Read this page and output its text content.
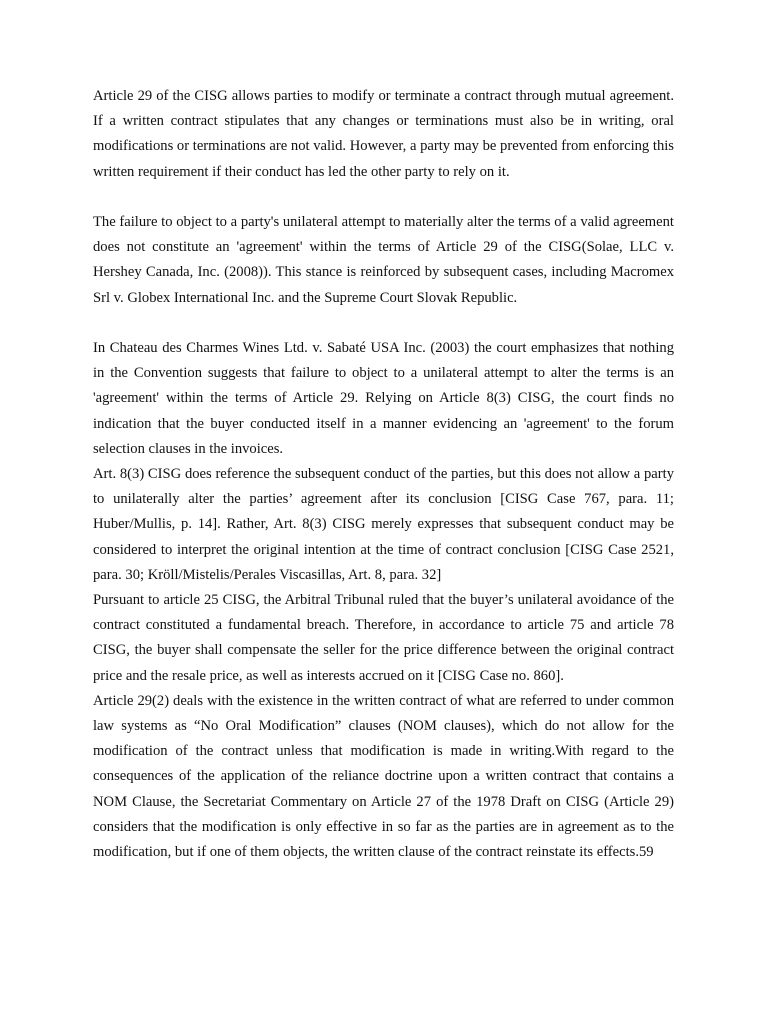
Article 29 of the CISG allows parties to modify or terminate a contract through mutual agreement. If a written contract stipulates that any changes or terminations must also be in writing, oral modifications or terminations are not valid. However, a party may be prevented from enforcing this written requirement if their conduct has led the other party to rely on it.

The failure to object to a party's unilateral attempt to materially alter the terms of a valid agreement does not constitute an 'agreement' within the terms of Article 29 of the CISG(Solae, LLC v. Hershey Canada, Inc. (2008)). This stance is reinforced by subsequent cases, including Macromex Srl v. Globex International Inc. and the Supreme Court Slovak Republic.

In Chateau des Charmes Wines Ltd. v. Sabaté USA Inc. (2003) the court emphasizes that nothing in the Convention suggests that failure to object to a unilateral attempt to alter the terms is an 'agreement' within the terms of Article 29. Relying on Article 8(3) CISG, the court finds no indication that the buyer conducted itself in a manner evidencing an 'agreement' to the forum selection clauses in the invoices.

Art. 8(3) CISG does reference the subsequent conduct of the parties, but this does not allow a party to unilaterally alter the parties’ agreement after its conclusion [CISG Case 767, para. 11; Huber/Mullis, p. 14]. Rather, Art. 8(3) CISG merely expresses that subsequent conduct may be considered to interpret the original intention at the time of contract conclusion [CISG Case 2521, para. 30; Kröll/Mistelis/Perales Viscasillas, Art. 8, para. 32]

Pursuant to article 25 CISG, the Arbitral Tribunal ruled that the buyer’s unilateral avoidance of the contract constituted a fundamental breach. Therefore, in accordance to article 75 and article 78 CISG, the buyer shall compensate the seller for the price difference between the original contract price and the resale price, as well as interests accrued on it [CISG Case no. 860].

Article 29(2) deals with the existence in the written contract of what are referred to under common law systems as “No Oral Modification” clauses (NOM clauses), which do not allow for the modification of the contract unless that modification is made in writing.With regard to the consequences of the application of the reliance doctrine upon a written contract that contains a NOM Clause, the Secretariat Commentary on Article 27 of the 1978 Draft on CISG (Article 29) considers that the modification is only effective in so far as the parties are in agreement as to the modification, but if one of them objects, the written clause of the contract reinstate its effects.59
